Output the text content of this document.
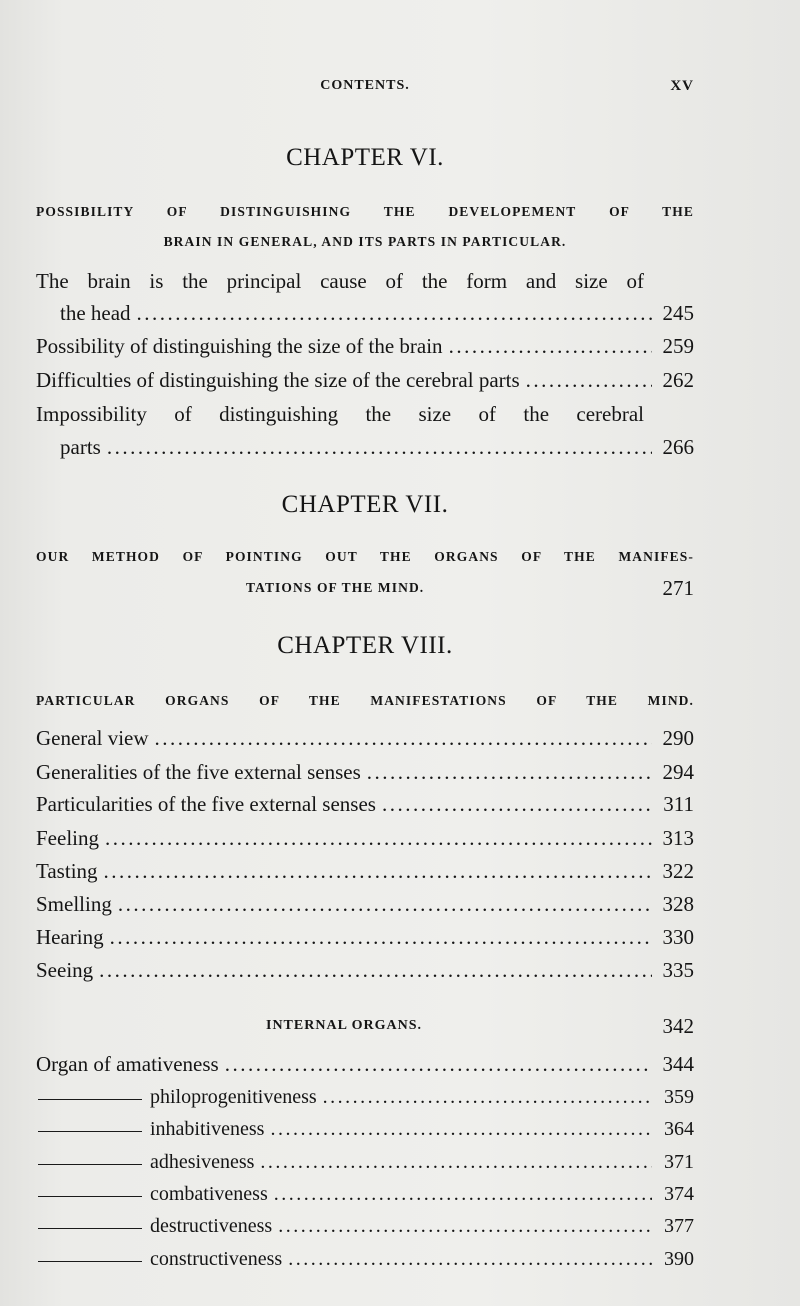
CONTENTS.	XV
CHAPTER VI.
POSSIBILITY OF DISTINGUISHING THE DEVELOPEMENT OF THE
BRAIN IN GENERAL, AND ITS PARTS IN PARTICULAR.
The brain is the principal cause of the form and size of
the head .....	245
Possibility of distinguishing the size of the brain .....	259
Difficulties of distinguishing the size of the cerebral parts .....	262
Impossibility of distinguishing the size of the cerebral
parts .....	266
CHAPTER VII.
OUR METHOD OF POINTING OUT THE ORGANS OF THE MANIFES-
TATIONS OF THE MIND.	271
CHAPTER VIII.
PARTICULAR ORGANS OF THE MANIFESTATIONS OF THE MIND.
General view .....	290
Generalities of the five external senses .....	294
Particularities of the five external senses .....	311
Feeling .....	313
Tasting .....	322
Smelling .....	328
Hearing .....	330
Seeing .....	335
INTERNAL ORGANS.	342
Organ of amativeness .....	344
philoprogenitiveness .....	359
inhabitiveness .....	364
adhesiveness .....	371
combativeness .....	374
destructiveness .....	377
constructiveness .....	390
